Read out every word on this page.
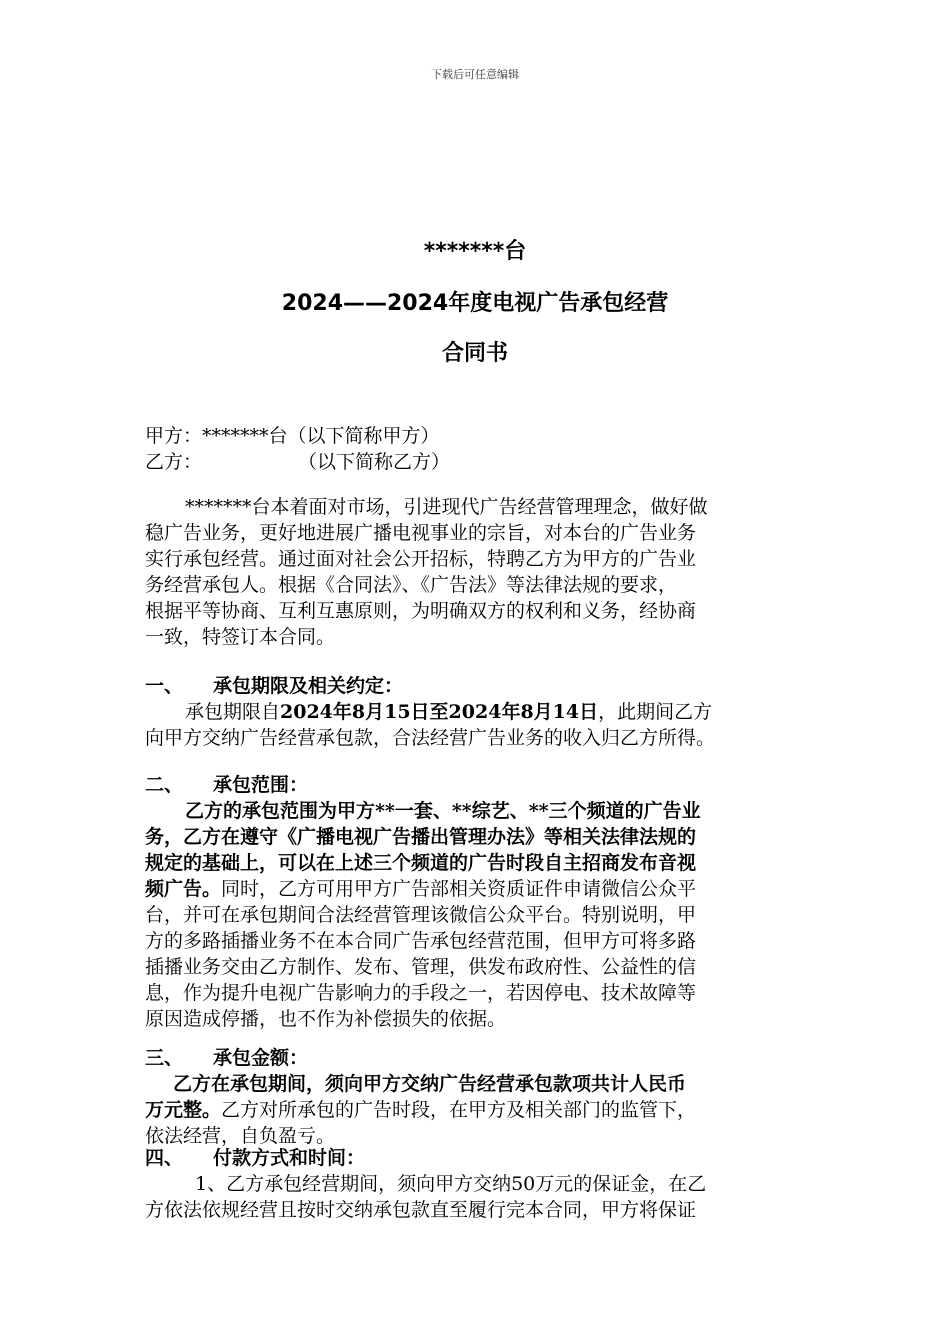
下载后可任意编辑
*******台
2024——2024年度电视广告承包经营
合同书
甲方：*******台（以下简称甲方）
乙方：	（以下简称乙方）
*******台本着面对市场，引进现代广告经营管理理念，做好做
稳广告业务，更好地进展广播电视事业的宗旨，对本台的广告业务
实行承包经营。通过面对社会公开招标，特聘乙方为甲方的广告业
务经营承包人。根据《合同法》、《广告法》等法律法规的要求，
根据平等协商、互利互惠原则，为明确双方的权利和义务，经协商
一致，特签订本合同。
一、 承包期限及相关约定：
承包期限自2024年8月15日至2024年8月14日，此期间乙方
向甲方交纳广告经营承包款，合法经营广告业务的收入归乙方所得。
二、 承包范围：
乙方的承包范围为甲方**一套、**综艺、**三个频道的广告业
务，乙方在遵守《广播电视广告播出管理办法》等相关法律法规的
规定的基础上，可以在上述三个频道的广告时段自主招商发布音视
频广告。同时，乙方可用甲方广告部相关资质证件申请微信公众平
台，并可在承包期间合法经营管理该微信公众平台。特别说明，甲
方的多路插播业务不在本合同广告承包经营范围，但甲方可将多路
插播业务交由乙方制作、发布、管理，供发布政府性、公益性的信
息，作为提升电视广告影响力的手段之一，若因停电、技术故障等
原因造成停播，也不作为补偿损失的依据。
三、 承包金额：
乙方在承包期间，须向甲方交纳广告经营承包款项共计人民币
万元整。乙方对所承包的广告时段，在甲方及相关部门的监管下，
依法经营，自负盈亏。
四、 付款方式和时间：
1、乙方承包经营期间，须向甲方交纳50万元的保证金，在乙
方依法依规经营且按时交纳承包款直至履行完本合同，甲方将保证
